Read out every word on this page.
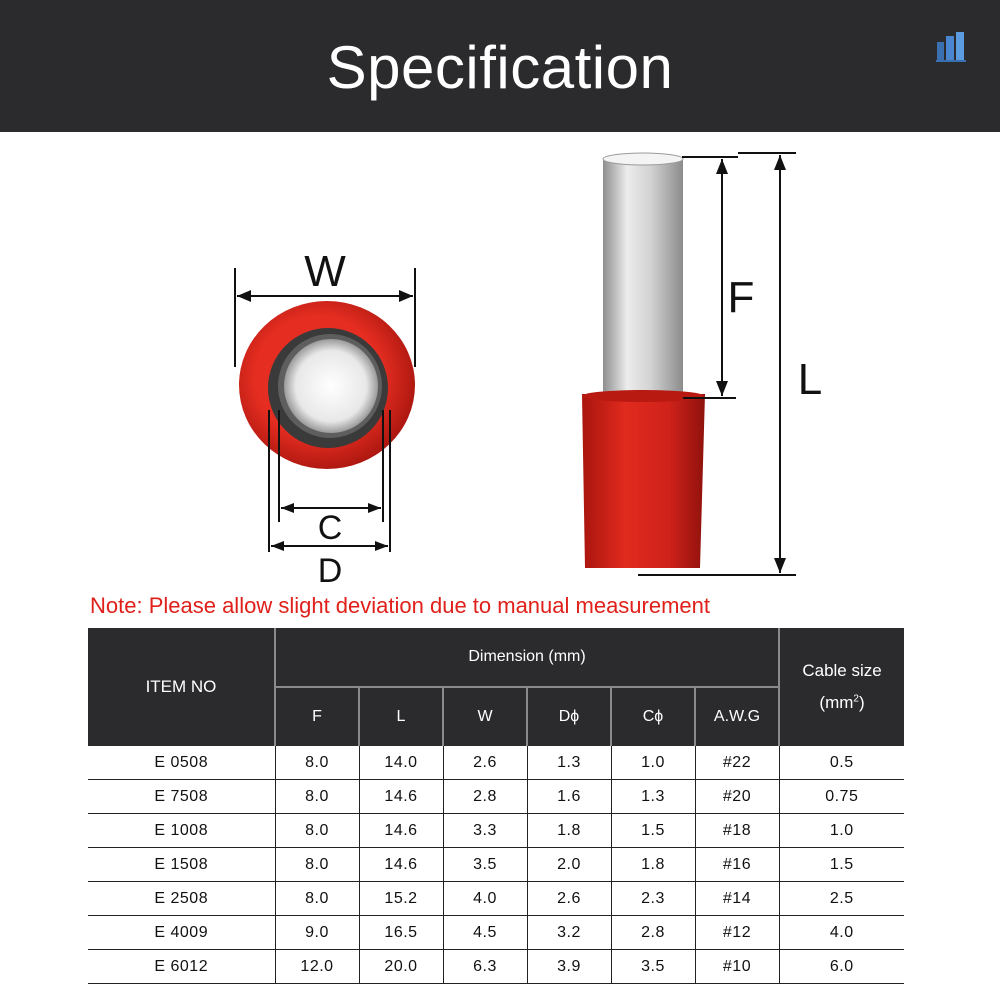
Specification
W
C
D
F
L
Note: Please allow slight deviation due to manual measurement
ITEM NO	Dimension (mm)						Cable size
$(mm^2)$
	F	L	W	Dϕ	Cϕ	A.W.G	
E 0508	8.0	14.0	2.6	1.3	1.0	#22	0.5
E 7508	8.0	14.6	2.8	1.6	1.3	#20	0.75
E 1008	8.0	14.6	3.3	1.8	1.5	#18	1.0
E 1508	8.0	14.6	3.5	2.0	1.8	#16	1.5
E 2508	8.0	15.2	4.0	2.6	2.3	#14	2.5
E 4009	9.0	16.5	4.5	3.2	2.8	#12	4.0
E 6012	12.0	20.0	6.3	3.9	3.5	#10	6.0
